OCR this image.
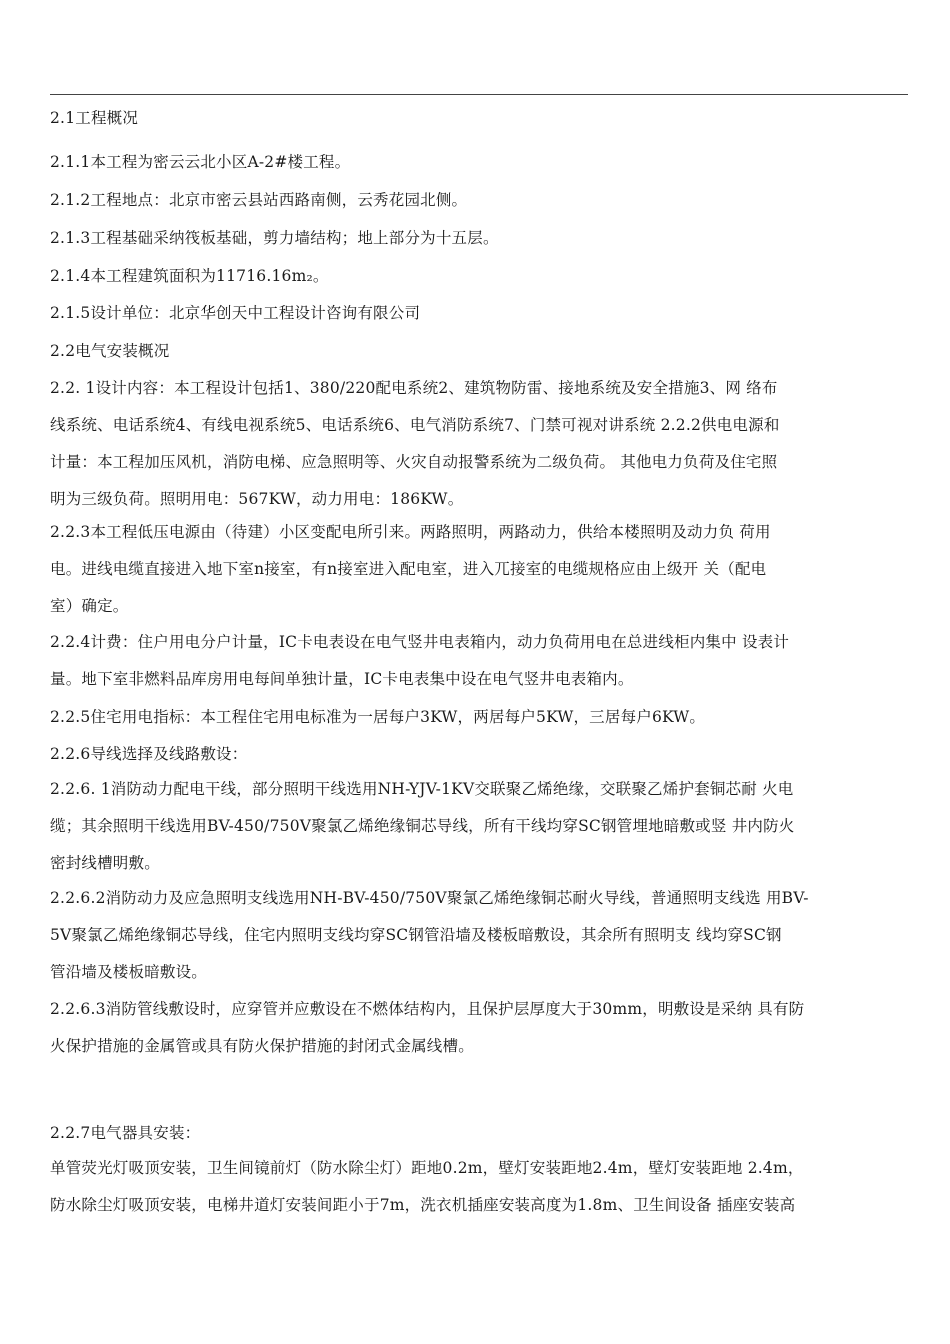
2.1工程概况
2.1.1本工程为密云云北小区A-2#楼工程。
2.1.2工程地点：北京市密云县站西路南侧，云秀花园北侧。
2.1.3工程基础采纳筏板基础，剪力墙结构；地上部分为十五层。
2.1.4本工程建筑面积为11716.16m₂。
2.1.5设计单位：北京华创天中工程设计咨询有限公司
2.2电气安装概况
2.2. 1设计内容：本工程设计包括1、380/220配电系统2、建筑物防雷、接地系统及安全措施3、网 络布
线系统、电话系统4、有线电视系统5、电话系统6、电气消防系统7、门禁可视对讲系统 2.2.2供电电源和
计量：本工程加压风机，消防电梯、应急照明等、火灾自动报警系统为二级负荷。 其他电力负荷及住宅照
明为三级负荷。照明用电：567KW，动力用电：186KW。
2.2.3本工程低压电源由（待建）小区变配电所引来。两路照明，两路动力，供给本楼照明及动力负 荷用
电。进线电缆直接进入地下室n接室，有n接室进入配电室，进入兀接室的电缆规格应由上级开 关（配电
室）确定。
2.2.4计费：住户用电分户计量，IC卡电表设在电气竖井电表箱内，动力负荷用电在总进线柜内集中 设表计
量。地下室非燃料品库房用电每间单独计量，IC卡电表集中设在电气竖井电表箱内。
2.2.5住宅用电指标：本工程住宅用电标准为一居每户3KW，两居每户5KW，三居每户6KW。
2.2.6导线选择及线路敷设：
2.2.6. 1消防动力配电干线，部分照明干线选用NH-YJV-1KV交联聚乙烯绝缘，交联聚乙烯护套铜芯耐 火电
缆；其余照明干线选用BV-450/750V聚氯乙烯绝缘铜芯导线，所有干线均穿SC钢管埋地暗敷或竖 井内防火
密封线槽明敷。
2.2.6.2消防动力及应急照明支线选用NH-BV-450/750V聚氯乙烯绝缘铜芯耐火导线，普通照明支线选 用BV-
5V聚氯乙烯绝缘铜芯导线，住宅内照明支线均穿SC钢管沿墙及楼板暗敷设，其余所有照明支 线均穿SC钢
管沿墙及楼板暗敷设。
2.2.6.3消防管线敷设时，应穿管并应敷设在不燃体结构内，且保护层厚度大于30mm，明敷设是采纳 具有防
火保护措施的金属管或具有防火保护措施的封闭式金属线槽。
2.2.7电气器具安装：
单管荧光灯吸顶安装，卫生间镜前灯（防水除尘灯）距地0.2m，壁灯安装距地2.4m，壁灯安装距地 2.4m，
防水除尘灯吸顶安装，电梯井道灯安装间距小于7m，洗衣机插座安装高度为1.8m、卫生间设备 插座安装高
